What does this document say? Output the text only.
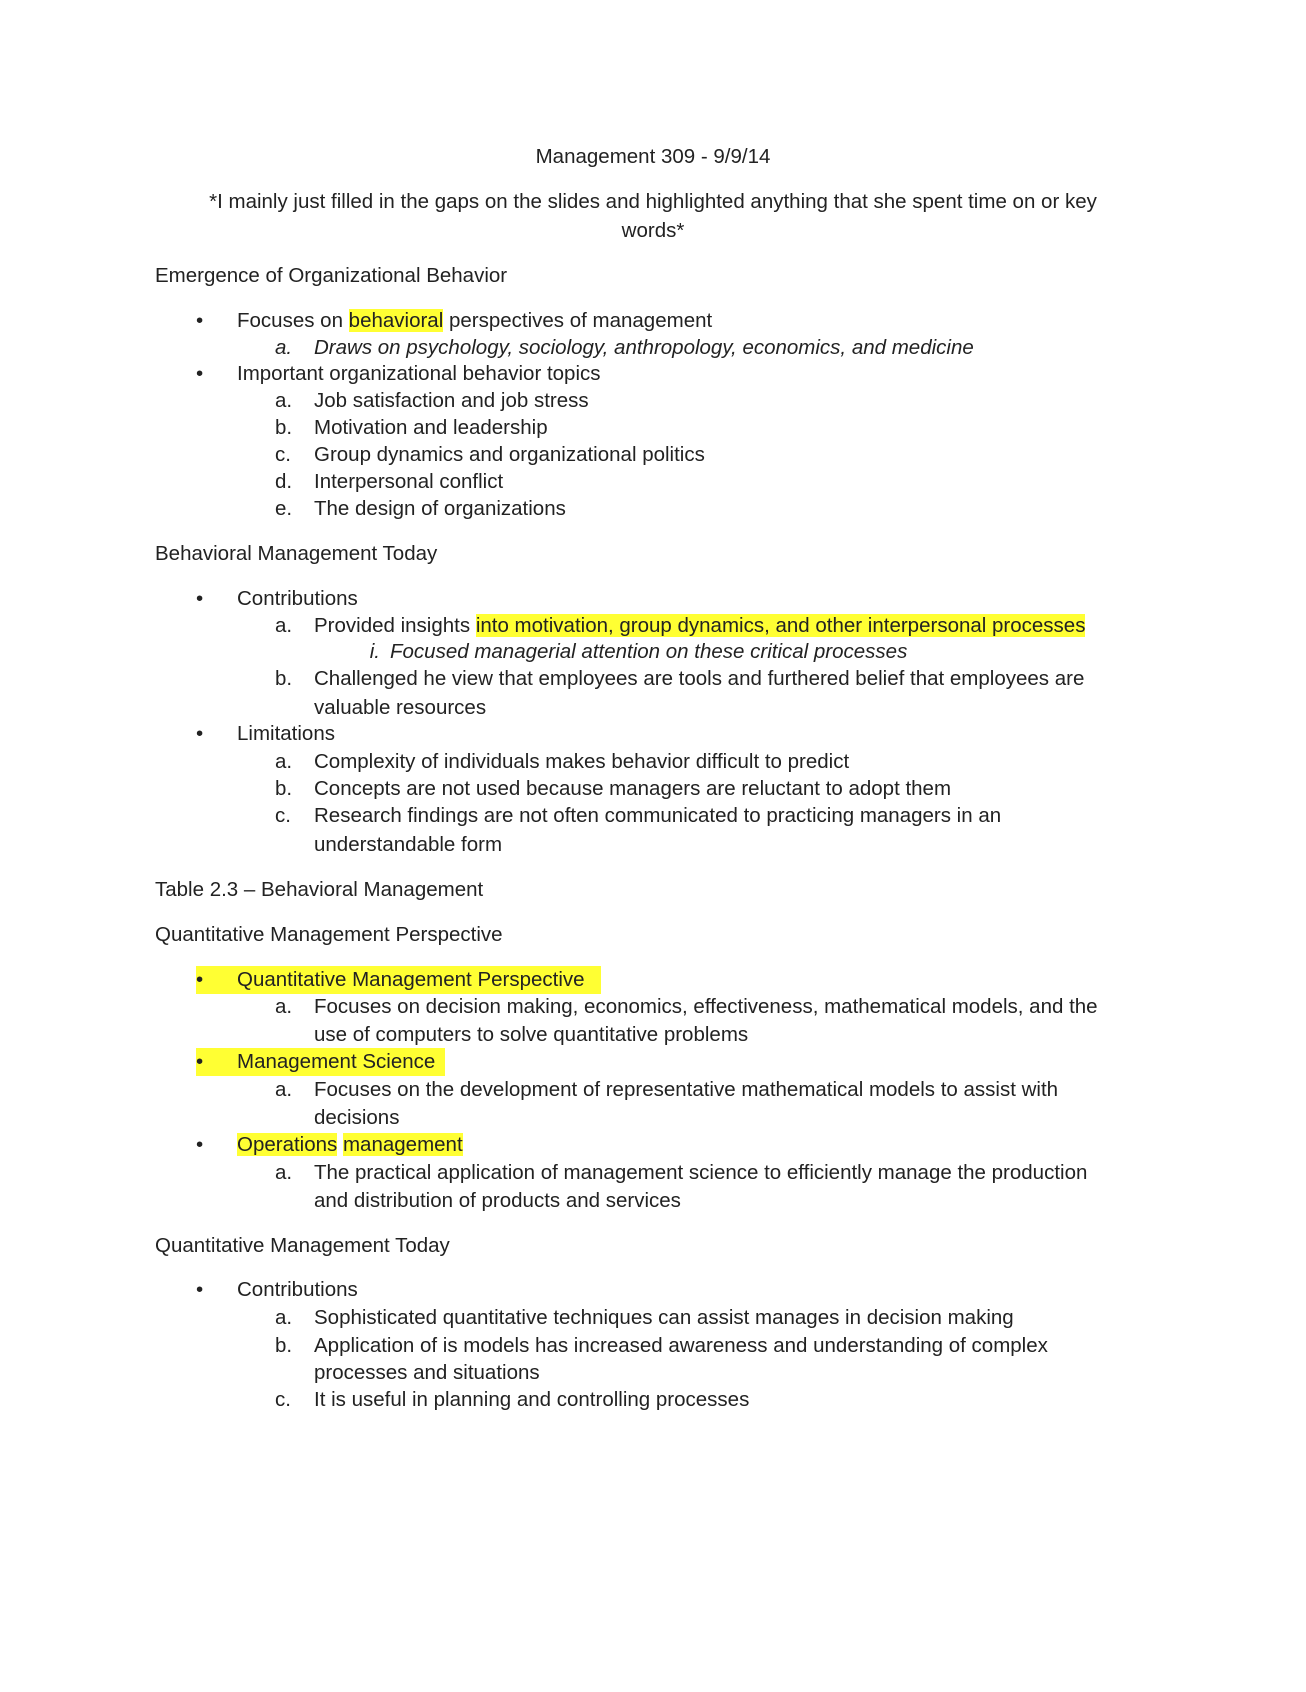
Management 309 - 9/9/14
*I mainly just filled in the gaps on the slides and highlighted anything that she spent time on or key
words*
Emergence of Organizational Behavior
• Focuses on behavioral perspectives of management
a.	Draws on psychology, sociology, anthropology, economics, and medicine
• Important organizational behavior topics
a.	Job satisfaction and job stress
b.	Motivation and leadership
c.	Group dynamics and organizational politics
d.	Interpersonal conflict
e.	The design of organizations
Behavioral Management Today
• Contributions
a.	Provided insights into motivation, group dynamics, and other interpersonal processes
i. Focused managerial attention on these critical processes
b.	Challenged he view that employees are tools and furthered belief that employees are
valuable resources
• Limitations
a.	Complexity of individuals makes behavior difficult to predict
b.	Concepts are not used because managers are reluctant to adopt them
c.	Research findings are not often communicated to practicing managers in an
understandable form
Table 2.3 – Behavioral Management
Quantitative Management Perspective
• Quantitative Management Perspective
a.	Focuses on decision making, economics, effectiveness, mathematical models, and the
use of computers to solve quantitative problems
• Management Science
a.	Focuses on the development of representative mathematical models to assist with
decisions
• Operations management
a.	The practical application of management science to efficiently manage the production
and distribution of products and services
Quantitative Management Today
• Contributions
a.	Sophisticated quantitative techniques can assist manages in decision making
b.	Application of is models has increased awareness and understanding of complex
processes and situations
c.	It is useful in planning and controlling processes
